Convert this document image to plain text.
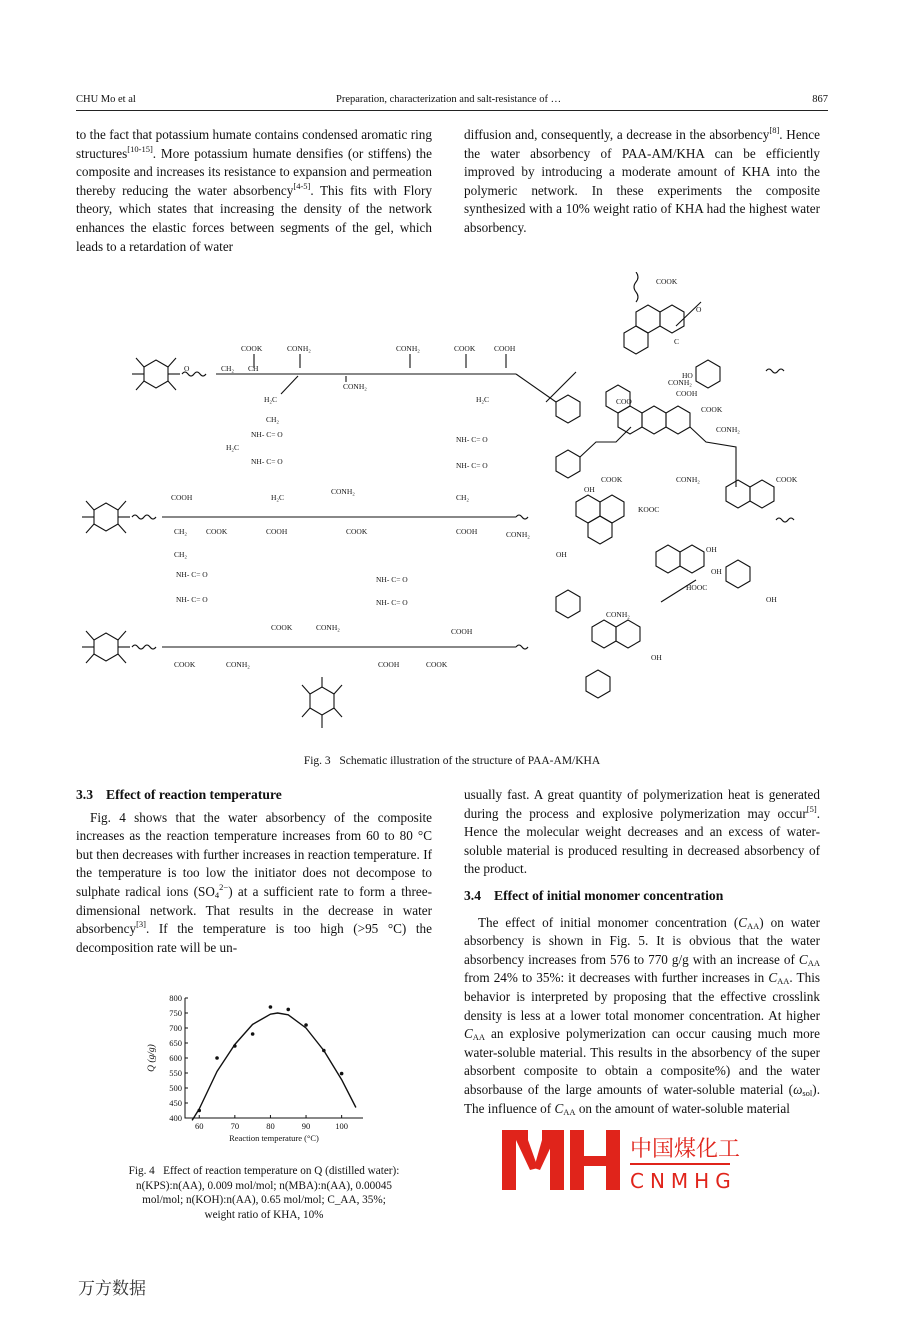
CHU Mo et al	Preparation, characterization and salt-resistance of …	867

to the fact that potassium humate contains condensed aromatic ring structures[10-15]. More potassium humate densifies (or stiffens) the composite and increases its resistance to expansion and permeation thereby reducing the water absorbency[4-5]. This fits with Flory theory, which states that increasing the density of the network enhances the elastic forces between segments of the gel, which leads to a retardation of water

diffusion and, consequently, a decrease in the absorbency[8]. Hence the water absorbency of PAA-AM/KHA can be efficiently improved by introducing a moderate amount of KHA into the polymeric network. In these experiments the composite synthesized with a 10% weight ratio of KHA had the highest water absorbency.

O	CH₂ CH
COOK	CONH₂
CONH₂
CONH₂	COOK COOH
H₂C
CH₂
NH- C= O
H₂C
NH- C= O
H₂C
NH- C= O
NH- C= O
COOH	H₂C
CONH₂
CH₂
CH₂	COOK	COOH	COOK	COOH	CONH₂
CH₂
NH- C= O
NH- C= O
NH- C= O
NH- C= O
COOK	CONH₂	COOH
COOK	CONH₂	COOH	COOK
COOK
O
C
CONH₂
COOH
HO
COOK
CONH₂
COO
COOK	CONH₂	COOK
OH
KOOC
OH
OH
OH
HOOC
OH
CONH₂
OH
Fig. 3 Schematic illustration of the structure of PAA-AM/KHA

3.3 Effect of reaction temperature

Fig. 4 shows that the water absorbency of the composite increases as the reaction temperature increases from 60 to 80 °C but then decreases with further increases in reaction temperature. If the temperature is too low the initiator does not decompose to sulphate radical ions $(SO_4^{2-})$ at a sufficient rate to form a three-dimensional network. That results in the decrease in water absorbency[3]. If the temperature is too high (>95 °C) the decomposition rate will be un-

400
450
500
550
600
650
700
750
800
60	70	80	90	100
Reaction temperature (°C)
Q (g/g)
Fig. 4 Effect of reaction temperature on Q (distilled water):
n(KPS):n(AA), 0.009 mol/mol; n(MBA):n(AA), 0.00045
mol/mol; n(KOH):n(AA), 0.65 mol/mol; C_AA, 35%;
weight ratio of KHA, 10%

usually fast. A great quantity of polymerization heat is generated during the process and explosive polymerization may occur[5]. Hence the molecular weight decreases and an excess of water-soluble material is produced resulting in decreased absorbency of the product.

3.4 Effect of initial monomer concentration

The effect of initial monomer concentration $(C_{AA})$ on water absorbency is shown in Fig. 5. It is obvious that the water absorbency increases from 576 to 770 g/g with an increase of $C_{AA}$ from 24% to 35%: it decreases with further increases in $C_{AA}$. This behavior is interpreted by proposing that the effective crosslink density is less at a lower total monomer concentration. At higher $C_{AA}$ an explosive polymerization can occur causing much more water-soluble material. This results in the absorbency of the super absorbent composite to obtain a composite%) and the water absorbause of the large amounts of water-soluble material $(\omega_{sol})$. The influence of $C_{AA}$ on the amount of water-soluble material

中国煤化工
CNMHG
万方数据
